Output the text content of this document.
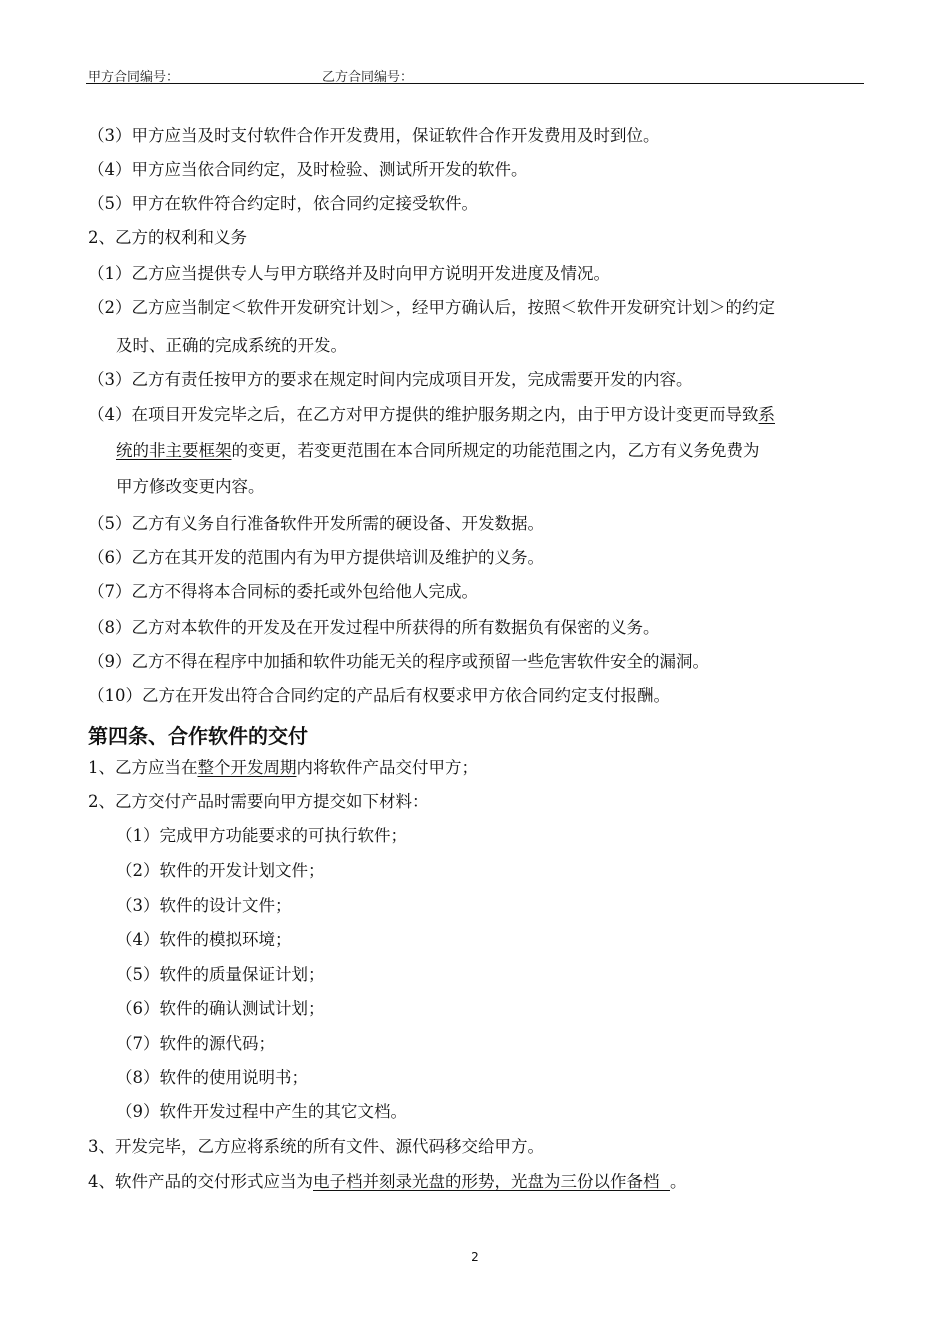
甲方合同编号：	乙方合同编号：
（3）甲方应当及时支付软件合作开发费用，保证软件合作开发费用及时到位。
（4）甲方应当依合同约定，及时检验、测试所开发的软件。
（5）甲方在软件符合约定时，依合同约定接受软件。
2、乙方的权利和义务
（1）乙方应当提供专人与甲方联络并及时向甲方说明开发进度及情况。
（2）乙方应当制定＜软件开发研究计划＞，经甲方确认后，按照＜软件开发研究计划＞的约定
及时、正确的完成系统的开发。
（3）乙方有责任按甲方的要求在规定时间内完成项目开发，完成需要开发的内容。
（4）在项目开发完毕之后，在乙方对甲方提供的维护服务期之内，由于甲方设计变更而导致系
统的非主要框架的变更，若变更范围在本合同所规定的功能范围之内，乙方有义务免费为
甲方修改变更内容。
（5）乙方有义务自行准备软件开发所需的硬设备、开发数据。
（6）乙方在其开发的范围内有为甲方提供培训及维护的义务。
（7）乙方不得将本合同标的委托或外包给他人完成。
（8）乙方对本软件的开发及在开发过程中所获得的所有数据负有保密的义务。
（9）乙方不得在程序中加插和软件功能无关的程序或预留一些危害软件安全的漏洞。
（10）乙方在开发出符合合同约定的产品后有权要求甲方依合同约定支付报酬。
第四条、合作软件的交付
1、乙方应当在整个开发周期内将软件产品交付甲方；
2、乙方交付产品时需要向甲方提交如下材料：
（1）完成甲方功能要求的可执行软件；
（2）软件的开发计划文件；
（3）软件的设计文件；
（4）软件的模拟环境；
（5）软件的质量保证计划；
（6）软件的确认测试计划；
（7）软件的源代码；
（8）软件的使用说明书；
（9）软件开发过程中产生的其它文档。
3、开发完毕，乙方应将系统的所有文件、源代码移交给甲方。
4、软件产品的交付形式应当为电子档并刻录光盘的形势，光盘为三份以作备档  。
2
